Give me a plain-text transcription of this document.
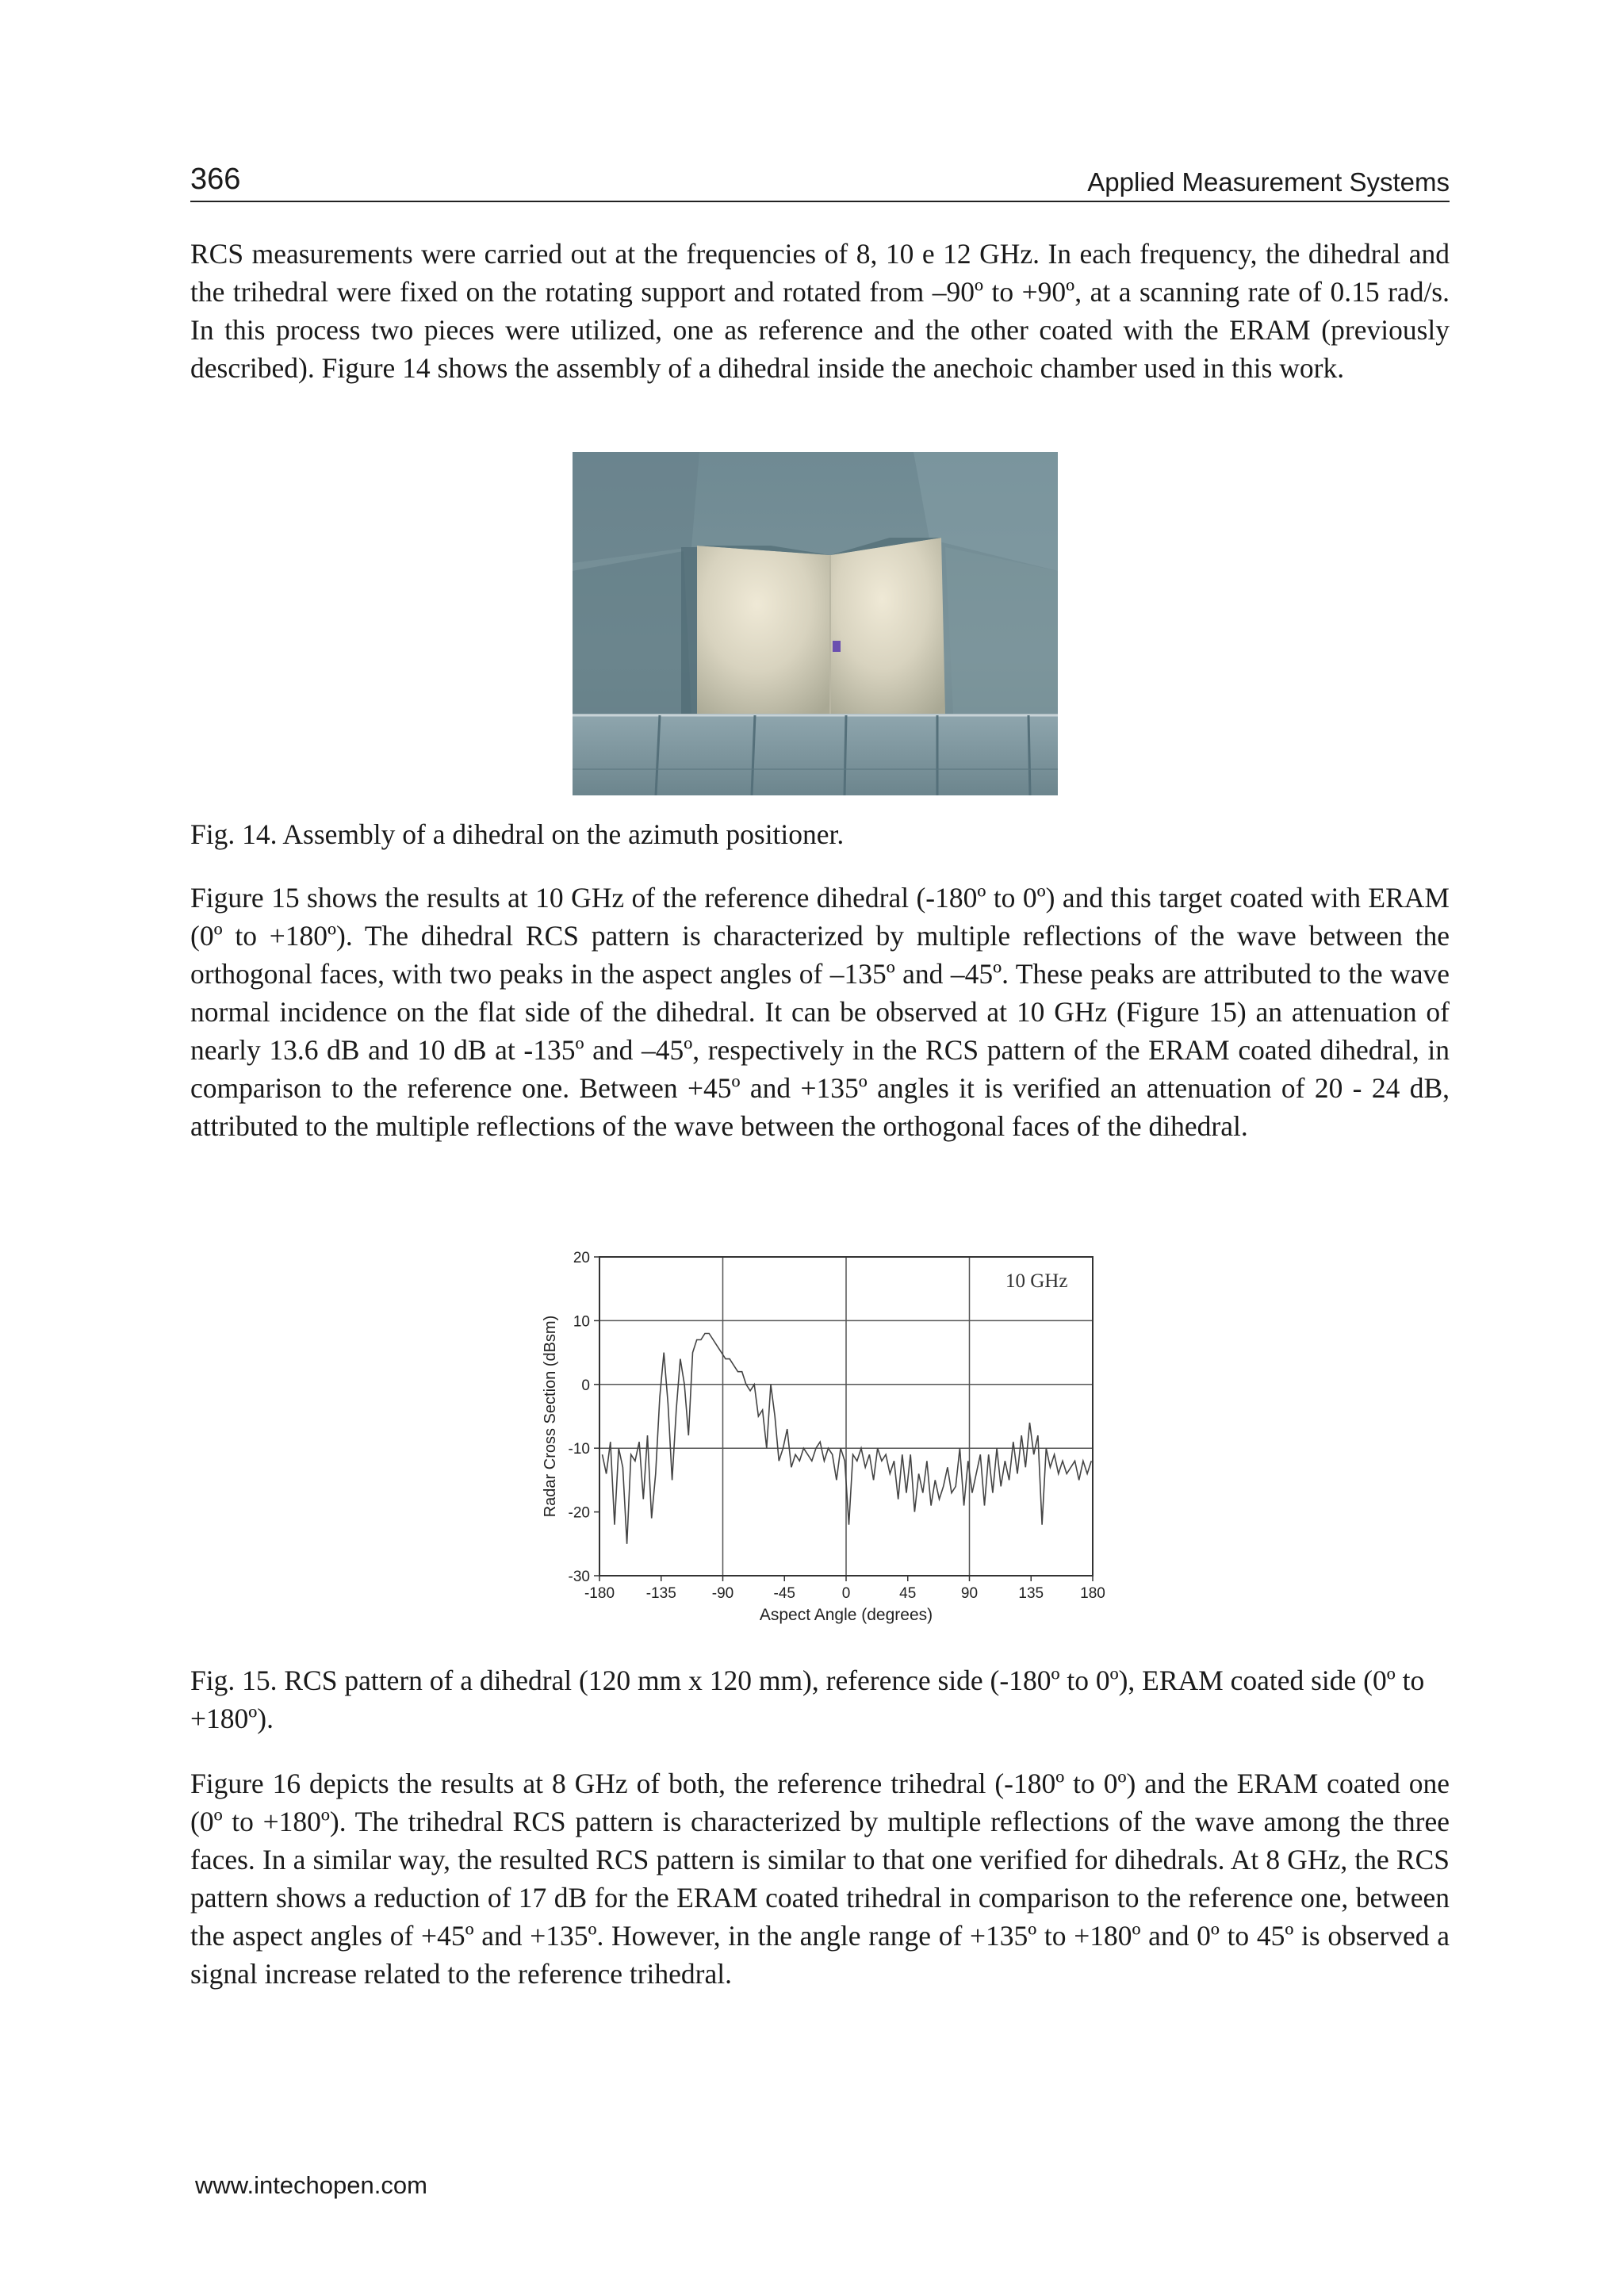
366	Applied Measurement Systems

RCS measurements were carried out at the frequencies of 8, 10 e 12 GHz. In each frequency, the dihedral and the trihedral were fixed on the rotating support and rotated from –90º to +90º, at a scanning rate of 0.15 rad/s. In this process two pieces were utilized, one as reference and the other coated with the ERAM (previously described). Figure 14 shows the assembly of a dihedral inside the anechoic chamber used in this work.

Fig. 14. Assembly of a dihedral on the azimuth positioner.

Figure 15 shows the results at 10 GHz of the reference dihedral (-180º to 0º) and this target coated with ERAM (0º to +180º). The dihedral RCS pattern is characterized by multiple reflections of the wave between the orthogonal faces, with two peaks in the aspect angles of –135º and –45º. These peaks are attributed to the wave normal incidence on the flat side of the dihedral. It can be observed at 10 GHz (Figure 15) an attenuation of nearly 13.6 dB and 10 dB at -135º and –45º, respectively in the RCS pattern of the ERAM coated dihedral, in comparison to the reference one. Between +45º and +135º angles it is verified an attenuation of 20 - 24 dB, attributed to the multiple reflections of the wave between the orthogonal faces of the dihedral.

-180 -135 -90	-45	0	45	90	135 180
-30
-20
-10
0
10
20
10 GHz
Aspect Angle (degrees)
Radar Cross Section (dBsm)

Fig. 15. RCS pattern of a dihedral (120 mm x 120 mm), reference side (-180º to 0º), ERAM coated side (0º to +180º).

Figure 16 depicts the results at 8 GHz of both, the reference trihedral (-180º to 0º) and the ERAM coated one (0º to +180º). The trihedral RCS pattern is characterized by multiple reflections of the wave among the three faces. In a similar way, the resulted RCS pattern is similar to that one verified for dihedrals. At 8 GHz, the RCS pattern shows a reduction of 17 dB for the ERAM coated trihedral in comparison to the reference one, between the aspect angles of +45º and +135º. However, in the angle range of +135º to +180º and 0º to 45º is observed a signal increase related to the reference trihedral.

www.intechopen.com
